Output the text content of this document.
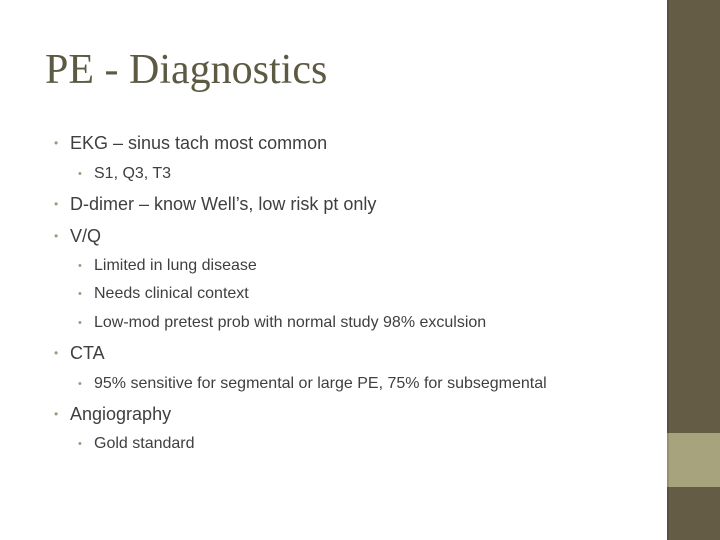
PE - Diagnostics
• EKG – sinus tach most common
• S1, Q3, T3
• D-dimer – know Well’s, low risk pt only
• V/Q
• Limited in lung disease
• Needs clinical context
• Low-mod pretest prob with normal study 98% exculsion
• CTA
• 95% sensitive for segmental or large PE, 75% for subsegmental
• Angiography
• Gold standard
